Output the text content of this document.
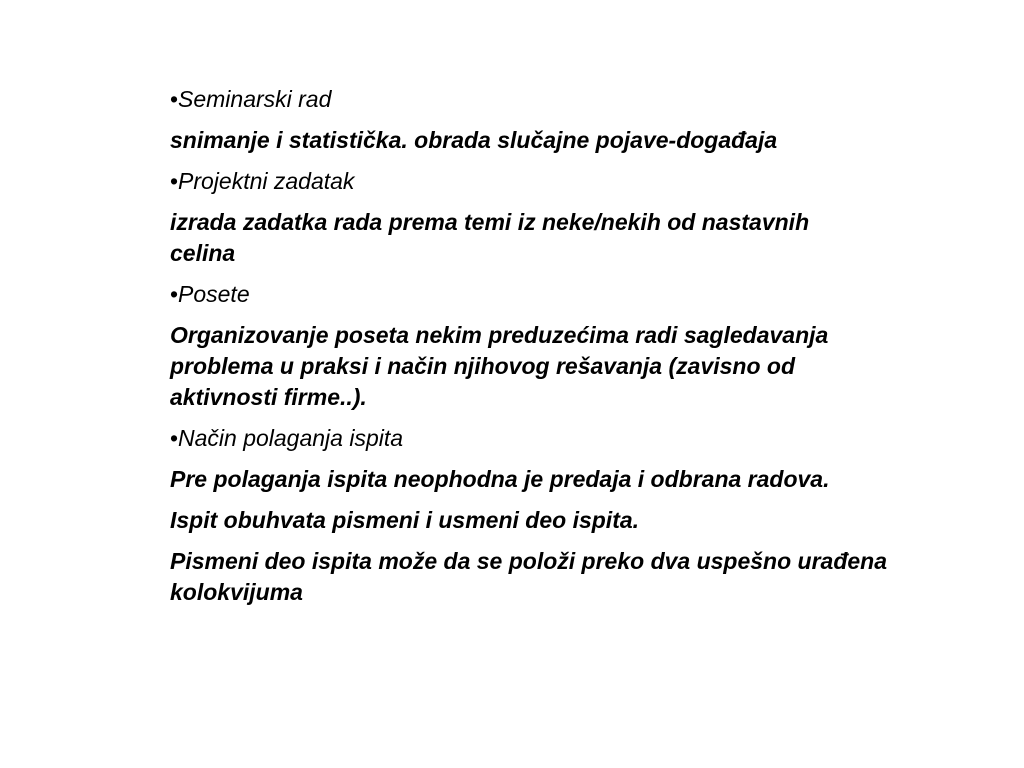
•Seminarski rad
snimanje i statistička. obrada slučajne pojave-događaja
•Projektni zadatak
izrada zadatka rada prema temi iz neke/nekih od nastavnih celina
•Posete
Organizovanje poseta nekim preduzećima radi sagledavanja problema u praksi i način njihovog rešavanja (zavisno od aktivnosti firme..).
•Način polaganja ispita
Pre polaganja ispita neophodna je predaja i odbrana radova.
Ispit obuhvata pismeni i usmeni deo ispita.
Pismeni deo ispita može da se položi preko dva uspešno urađena kolokvijuma
